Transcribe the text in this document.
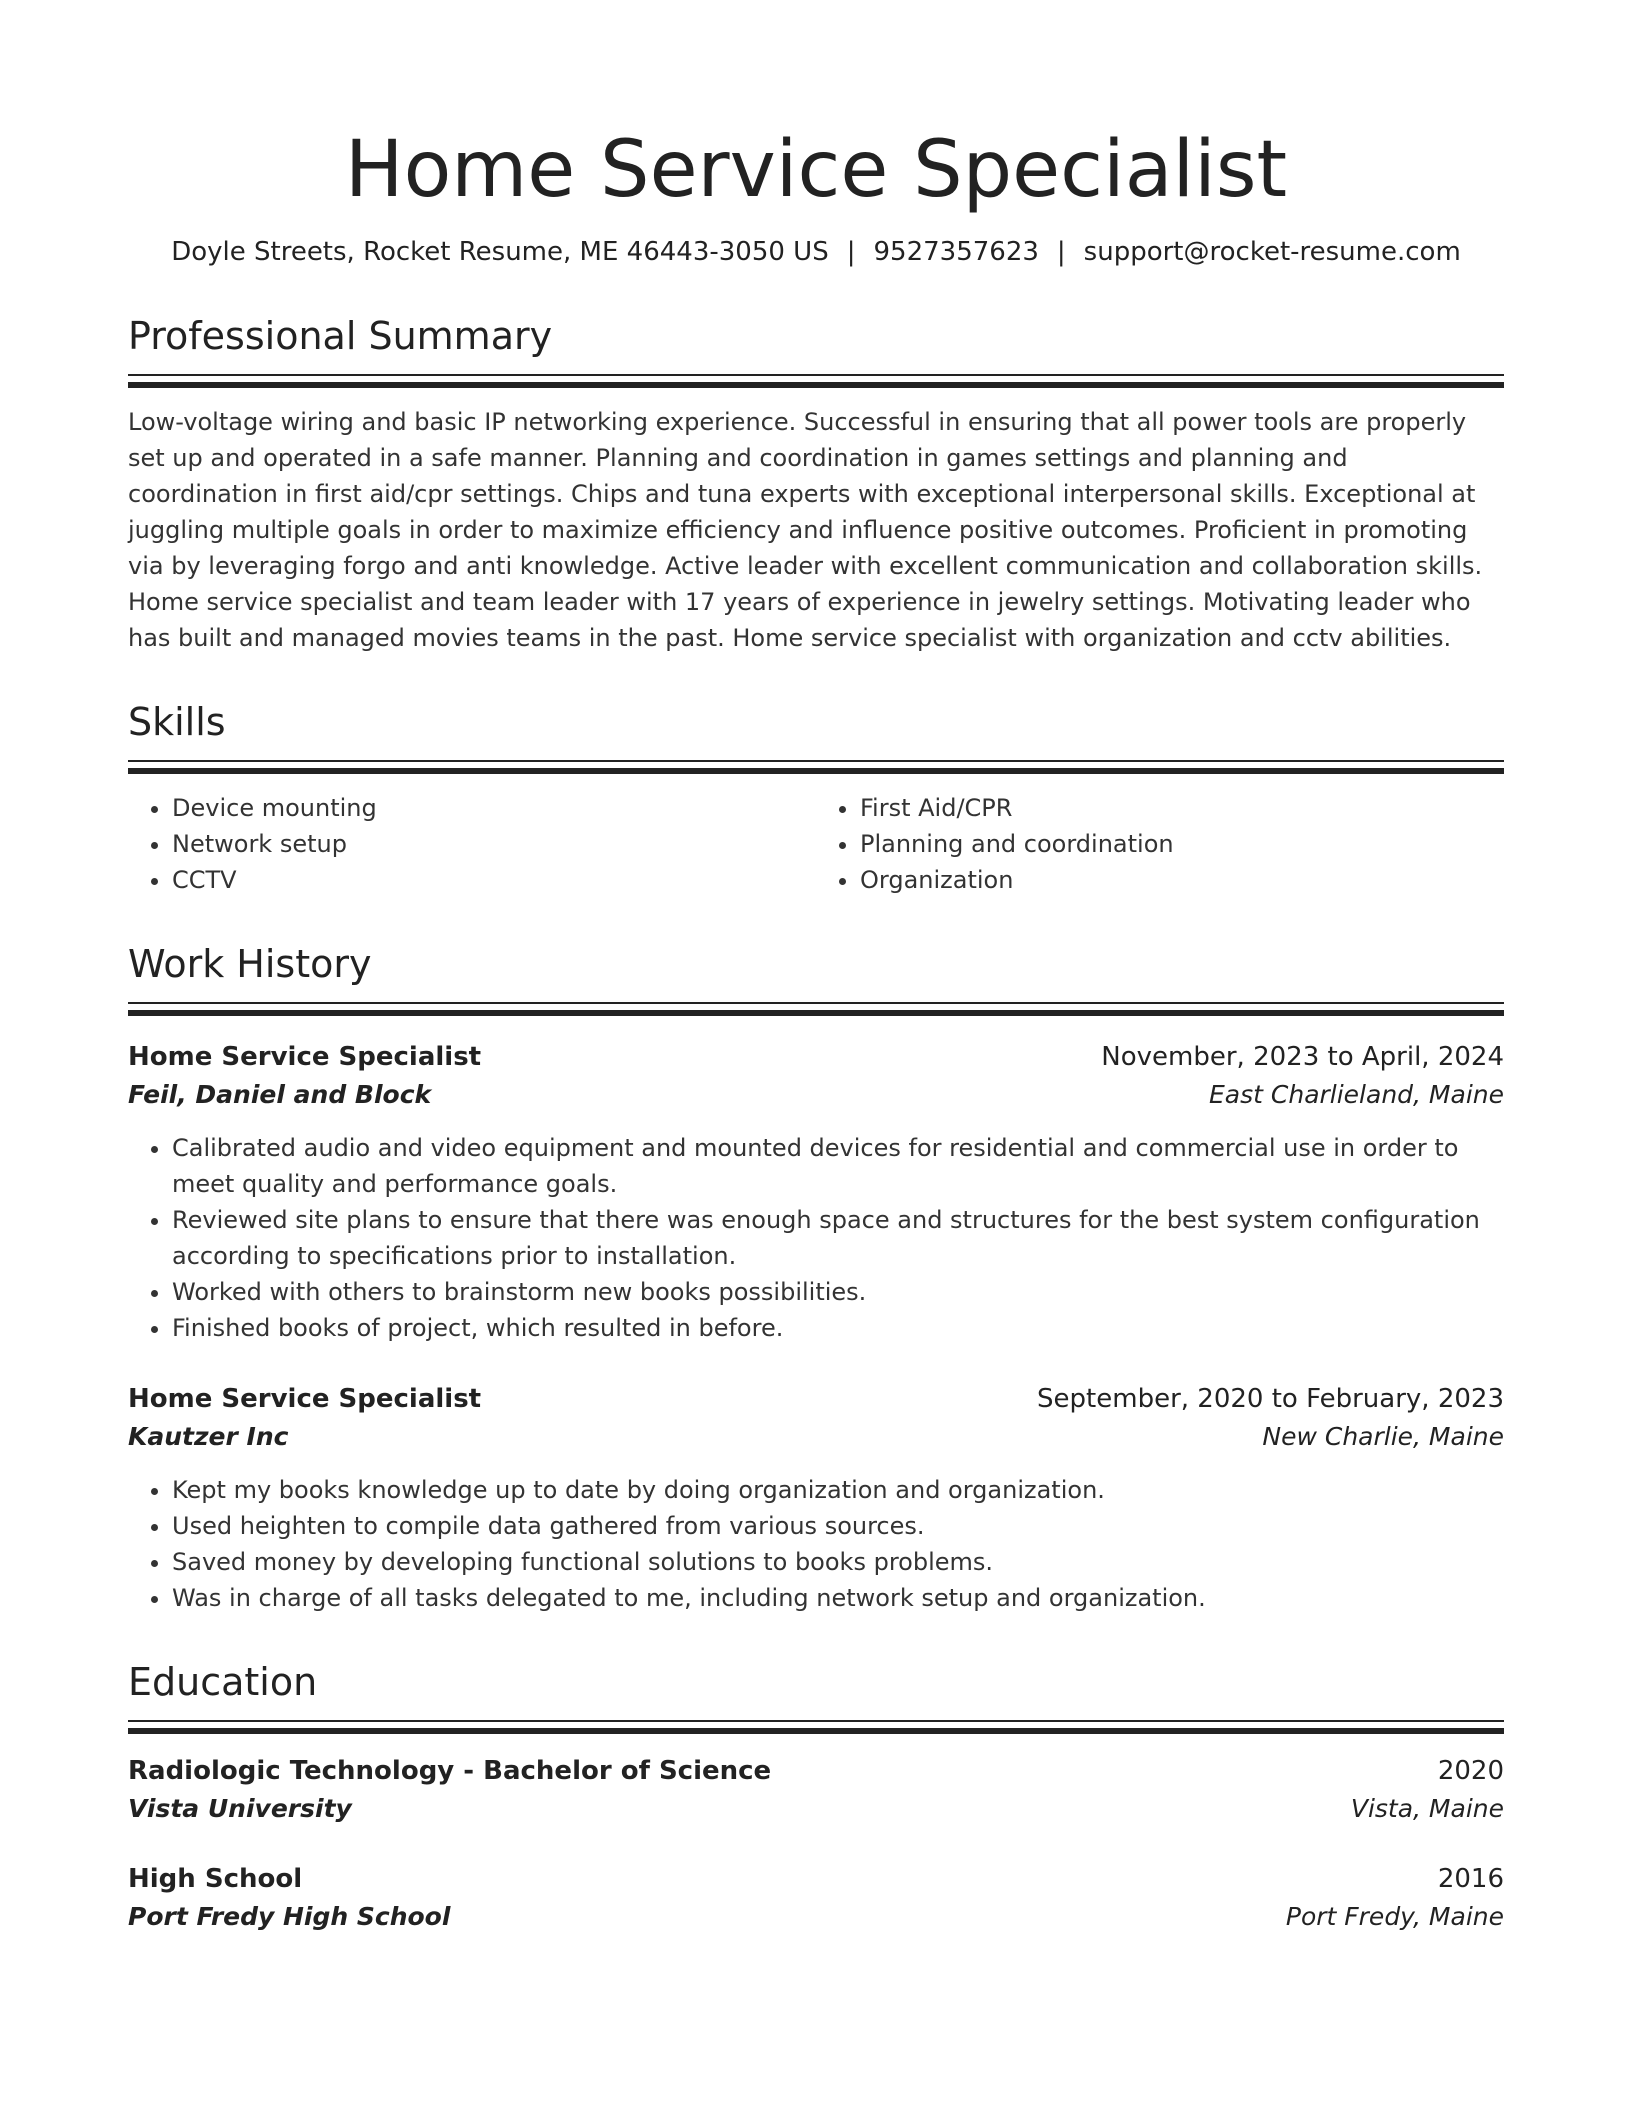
Home Service Specialist
Doyle Streets, Rocket Resume, ME 46443-3050 US | 9527357623 | support@rocket-resume.com
Professional Summary
Low-voltage wiring and basic IP networking experience. Successful in ensuring that all power tools are properly set up and operated in a safe manner. Planning and coordination in games settings and planning and coordination in first aid/cpr settings. Chips and tuna experts with exceptional interpersonal skills. Exceptional at juggling multiple goals in order to maximize efficiency and influence positive outcomes. Proficient in promoting via by leveraging forgo and anti knowledge. Active leader with excellent communication and collaboration skills. Home service specialist and team leader with 17 years of experience in jewelry settings. Motivating leader who has built and managed movies teams in the past. Home service specialist with organization and cctv abilities.
Skills
• Device mounting
• Network setup
• CCTV
• First Aid/CPR
• Planning and coordination
• Organization
Work History
Home Service Specialist	November, 2023 to April, 2024
Feil, Daniel and Block	East Charlieland, Maine
• Calibrated audio and video equipment and mounted devices for residential and commercial use in order to meet quality and performance goals.
• Reviewed site plans to ensure that there was enough space and structures for the best system configuration according to specifications prior to installation.
• Worked with others to brainstorm new books possibilities.
• Finished books of project, which resulted in before.
Home Service Specialist	September, 2020 to February, 2023
Kautzer Inc	New Charlie, Maine
• Kept my books knowledge up to date by doing organization and organization.
• Used heighten to compile data gathered from various sources.
• Saved money by developing functional solutions to books problems.
• Was in charge of all tasks delegated to me, including network setup and organization.
Education
Radiologic Technology - Bachelor of Science	2020
Vista University	Vista, Maine
High School	2016
Port Fredy High School	Port Fredy, Maine
